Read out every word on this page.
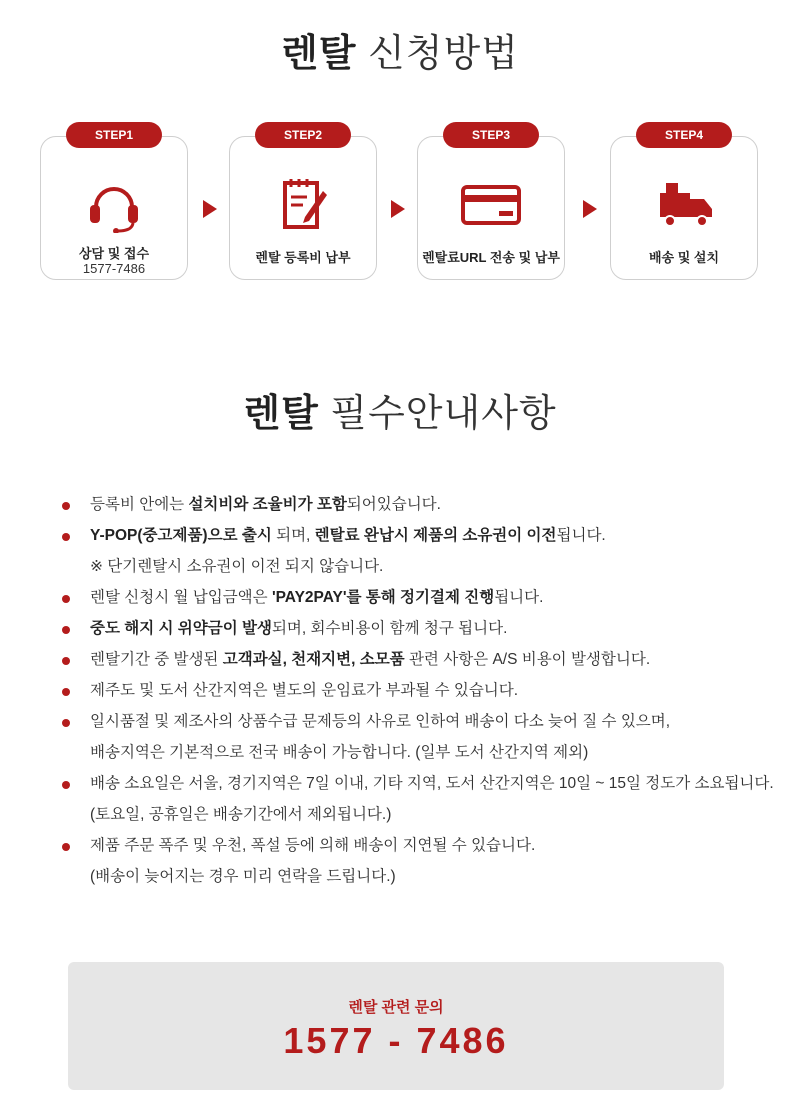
렌탈 신청방법
STEP1
상담 및 접수
1577-7486
STEP2
렌탈 등록비 납부
STEP3
렌탈료URL 전송 및 납부
STEP4
배송 및 설치
렌탈 필수안내사항
등록비 안에는 설치비와 조율비가 포함되어있습니다.
Y-POP(중고제품)으로 출시 되며, 렌탈료 완납시 제품의 소유권이 이전됩니다.
※ 단기렌탈시 소유권이 이전 되지 않습니다.
렌탈 신청시 월 납입금액은 'PAY2PAY'를 통해 정기결제 진행됩니다.
중도 해지 시 위약금이 발생되며, 회수비용이 함께 청구 됩니다.
렌탈기간 중 발생된 고객과실, 천재지변, 소모품 관련 사항은 A/S 비용이 발생합니다.
제주도 및 도서 산간지역은 별도의 운임료가 부과될 수 있습니다.
일시품절 및 제조사의 상품수급 문제등의 사유로 인하여 배송이 다소 늦어 질 수 있으며,
배송지역은 기본적으로 전국 배송이 가능합니다. (일부 도서 산간지역 제외)
배송 소요일은 서울, 경기지역은 7일 이내, 기타 지역, 도서 산간지역은 10일 ~ 15일 정도가 소요됩니다.
(토요일, 공휴일은 배송기간에서 제외됩니다.)
제품 주문 폭주 및 우천, 폭설 등에 의해 배송이 지연될 수 있습니다.
(배송이 늦어지는 경우 미리 연락을 드립니다.)
렌탈 관련 문의
1577 - 7486
